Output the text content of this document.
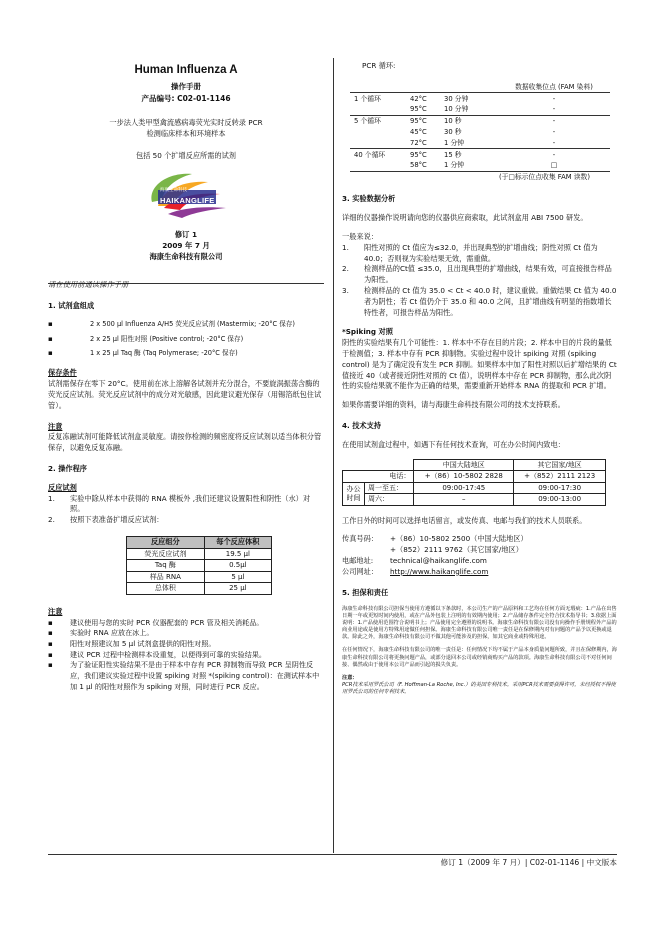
Human Influenza A
操作手册
产品编号: C02-01-1146
一步法人类甲型禽流感病毒荧光实时反转录 PCR
检测临床样本和环境样本
包括 50 个扩增反应所需的试剂
海康生命科技
HAIKANGLIFE
修订 1
2009 年 7 月
海康生命科技有限公司
请在使用前通读操作手册
1. 试剂盒组成
▪ 2 x 500 μl Influenza A/H5 荧光反应试剂 (Mastermix; -20°C 保存)
▪ 2 x 25 μl 阳性对照 (Positive control; -20°C 保存)
▪ 1 x 25 μl Taq 酶 (Taq Polymerase; -20°C 保存)
保存条件

试剂需保存在零下 20°C。使用前在冰上溶解各试剂并充分混合，不要旋涡振荡含酶的荧光反应试剂。荧光反应试剂中的成分对光敏感，因此建议避光保存（用锡箔纸包住试管）。

注意

反复冻融试剂可能降低试剂盒灵敏度。请按你检测的频密度将反应试剂以适当体积分管保存，以避免反复冻融。

2. 操作程序
反应试剂
1. 实验中除从样本中获得的 RNA 模板外 ,我们还建议设置阳性和阴性（水）对照。
2. 按照下表准备扩增反应试剂：
反应组分	每个反应体积
荧光反应试剂	19.5 μl
Taq 酶	0.5μl
样品 RNA	5 μl
总体积	25 μl
注意
▪ 建议使用与您的实时 PCR 仪器配套的 PCR 管及相关消耗品。
▪ 实验时 RNA 应放在冰上。
▪ 阳性对照建议加 5 μl 试剂盒提供的阳性对照。
▪ 建议 PCR 过程中检测样本设重复，以便得到可靠的实验结果。
▪ 为了验证阳性实验结果不是由于样本中存有 PCR 抑制物而导致 PCR 呈阴性反应，我们建议实验过程中设置 spiking 对照 *(spiking control)：在测试样本中加 1 μl 的阳性对照作为 spiking 对照，同时进行 PCR 反应。
PCR 循环:
			数据收集位点 (FAM 染料)
1 个循环	42°C	30 分钟	-
	95°C	10 分钟	-
5 个循环	95°C	10 秒	-
	45°C	30 秒	-
	72°C	1 分钟	-
40 个循环	95°C	15 秒	-
	58°C	1 分钟	□
(于□标示位点收集 FAM 读数)			
3. 实验数据分析

详细的仪器操作说明请向您的仪器供应商索取，此试剂盒用 ABI 7500 研发。

一般来说：

1. 阳性对照的 Ct 值应为≤32.0，并出现典型的扩增曲线；阴性对照 Ct 值为 40.0；否则视为实验结果无效，需重做。
2. 检测样品的Ct值 ≤35.0，且出现典型的扩增曲线，结果有效，可直接报告样品为阳性。
3. 检测样品的 Ct 值为 35.0 < Ct < 40.0 时，建议重做。重做结果 Ct 值为 40.0 者为阴性；若 Ct 值仍介于 35.0 和 40.0 之间，且扩增曲线有明显的指数增长特性者，可报告样品为阳性。
*Spiking 对照

阴性的实验结果有几个可能性：1. 样本中不存在目的片段；2. 样本中目的片段的量低于检测值；3. 样本中存有 PCR 抑制物。实验过程中设计 spiking 对照 (spiking control) 是为了确定没有发生 PCR 抑制。如果样本中加了阳性对照以后扩增结果的 Ct 值接近 40（或者接近阴性对照的 Ct 值），说明样本中存在 PCR 抑制物，那么此次阴性的实验结果就不能作为正确的结果，需要重新开始样本 RNA 的提取和 PCR 扩增。

如果你需要详细的资料，请与海康生命科技有限公司的技术支持联系。

4. 技术支持

在使用试剂盒过程中，如遇下有任何技术查询，可在办公时间内致电：

		中国大陆地区	其它国家/地区
电话：		+（86）10-5802 2828	+（852）2111 2123
办公
时间	周一至五：	09:00-17:45	09:00-17:30
	周六：	–	09:00-13:00

工作日外的时间可以选择电话留言，或发传真、电邮与我们的技术人员联系。

传真号码： +（86）10-5802 2500（中国大陆地区）
+（852）2111 9762（其它国家/地区）
电邮地址: technical@haikanglife.com
公司网址： http://www.haikanglife.com
5. 担保和责任

海康生命科技有限公司担保当使用方遵循以下条款时，本公司生产的产品原料和工艺均在任何方面无瑕疵：1.产品在出售日期一年或更短时间内使用，或在产品外包装上注明的有效期内使用；2.产品储存条件完全符合技术指导书；3.依据上面说明：1.产品使用范围符合说明书上；产品使用完全遵照的说明书。海康生命科技有限公司没有向操作手册规程外产品的商业用途或是使用方特殊用途做任何担保。海康生命科技有限公司唯一责任是在保修期内对有问题的产品予以更换或退款。除此之外，海康生命科技有限公司不做其他可能涉及的担保，如其它商业或特殊用途。

在任何情况下，海康生命科技有限公司的唯一责任是：任何情况下均不属于产品本身质量问题所致，并且在保修期内，海康生命科技有限公司将更换问题产品，或部分退回本公司或经销商购买产品的款项。海康生命科技有限公司不对任何间接、偶然或由于使用本公司产品而引起的损失负责。

注意：

PCR技术采用罗氏公司（F. Hoffman-La Roche, Inc.）的美国专利技术。采用PCR技术需要获得许可，未经授权不得使用罗氏公司的任何专利技术。

修订 1（2009 年 7 月）| C02-01-1146 | 中文版本
